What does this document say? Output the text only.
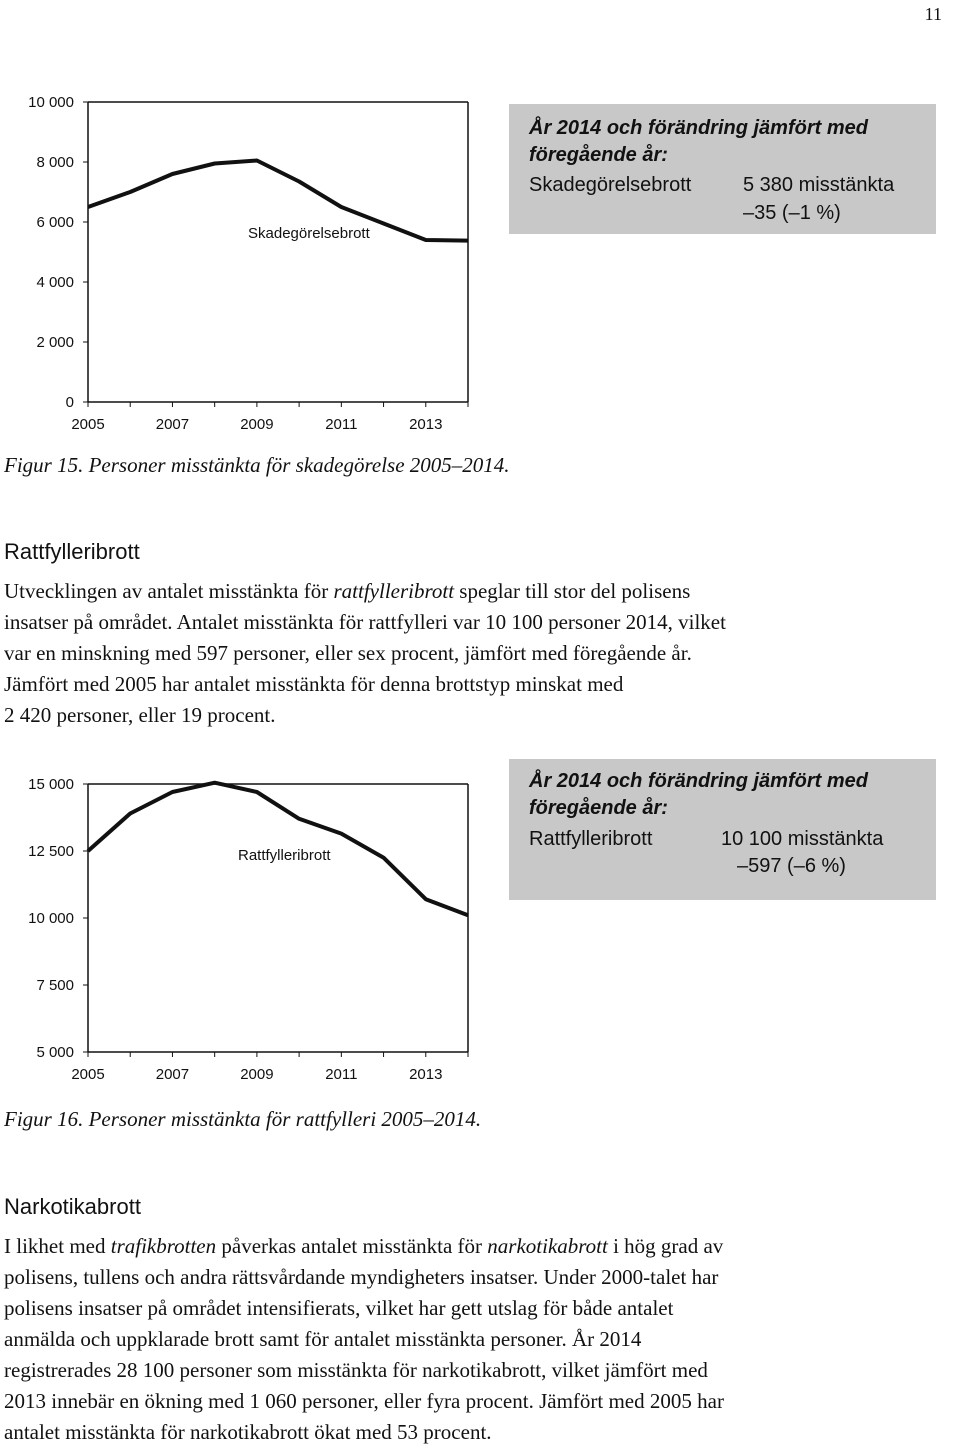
11
0
2 000
4 000
6 000
8 000
10 000
2005	2007	2009	2011	2013
Skadegörelsebrott
År 2014 och förändring jämfört med
föregående år:
Skadegörelsebrott	5 380 misstänkta
–35 (–1 %)
Figur 15. Personer misstänkta för skadegörelse 2005–2014.
Rattfylleribrott

Utvecklingen av antalet misstänkta för rattfylleribrott speglar till stor del polisens
insatser på området. Antalet misstänkta för rattfylleri var 10 100 personer 2014, vilket
var en minskning med 597 personer, eller sex procent, jämfört med föregående år.
Jämfört med 2005 har antalet misstänkta för denna brottstyp minskat med
2 420 personer, eller 19 procent.

5 000
7 500
10 000
12 500
15 000
2005	2007	2009	2011	2013
Rattfylleribrott
År 2014 och förändring jämfört med
föregående år:
Rattfylleribrott	10 100 misstänkta
–597 (–6 %)
Figur 16. Personer misstänkta för rattfylleri 2005–2014.
Narkotikabrott

I likhet med trafikbrotten påverkas antalet misstänkta för narkotikabrott i hög grad av
polisens, tullens och andra rättsvårdande myndigheters insatser. Under 2000-talet har
polisens insatser på området intensifierats, vilket har gett utslag för både antalet
anmälda och uppklarade brott samt för antalet misstänkta personer. År 2014
registrerades 28 100 personer som misstänkta för narkotikabrott, vilket jämfört med
2013 innebär en ökning med 1 060 personer, eller fyra procent. Jämfört med 2005 har
antalet misstänkta för narkotikabrott ökat med 53 procent.
